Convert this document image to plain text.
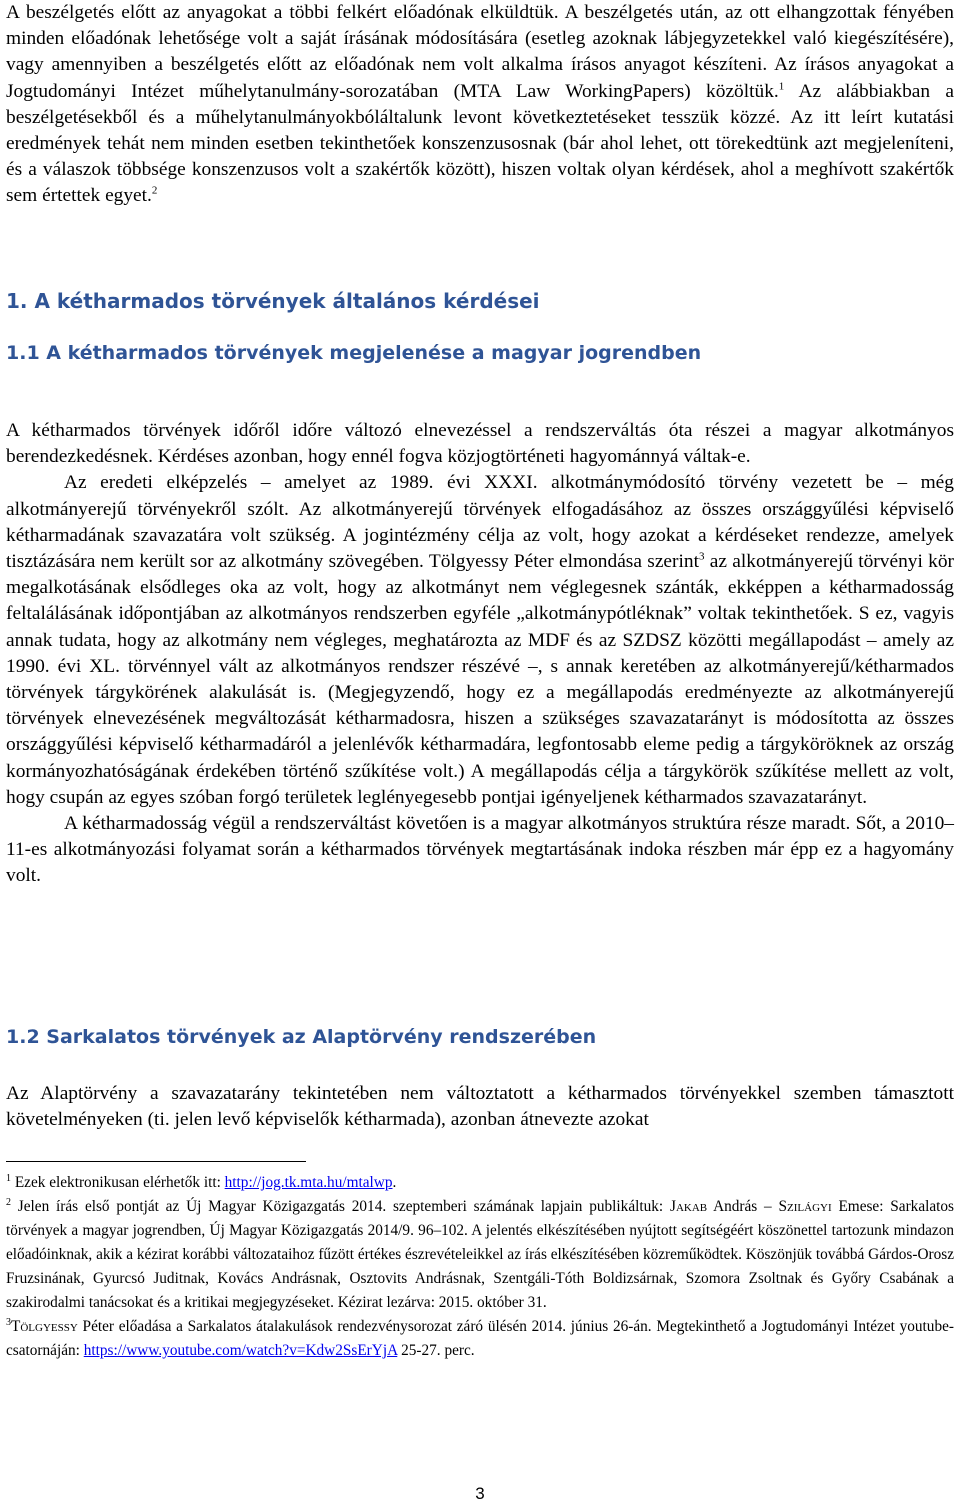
A beszélgetés előtt az anyagokat a többi felkért előadónak elküldtük. A beszélgetés után, az ott elhangzottak fényében minden előadónak lehetősége volt a saját írásának módosítására (esetleg azoknak lábjegyzetekkel való kiegészítésére), vagy amennyiben a beszélgetés előtt az előadónak nem volt alkalma írásos anyagot készíteni. Az írásos anyagokat a Jogtudományi Intézet műhelytanulmány-sorozatában (MTA Law WorkingPapers) közöltük.$^1$ Az alábbiakban a beszélgetésekből és a műhelytanulmányokbóláltalunk levont következtetéseket tesszük közzé. Az itt leírt kutatási eredmények tehát nem minden esetben tekinthetőek konszenzusosnak (bár ahol lehet, ott törekedtünk azt megjeleníteni, és a válaszok többsége konszenzusos volt a szakértők között), hiszen voltak olyan kérdések, ahol a meghívott szakértők sem értettek egyet.$^2$

1. A kétharmados törvények általános kérdései
1.1 A kétharmados törvények megjelenése a magyar jogrendben

A kétharmados törvények időről időre változó elnevezéssel a rendszerváltás óta részei a magyar alkotmányos berendezkedésnek. Kérdéses azonban, hogy ennél fogva közjogtörténeti hagyománnyá váltak-e.

Az eredeti elképzelés – amelyet az 1989. évi XXXI. alkotmánymódosító törvény vezetett be – még alkotmányerejű törvényekről szólt. Az alkotmányerejű törvények elfogadásához az összes országgyűlési képviselő kétharmadának szavazatára volt szükség. A jogintézmény célja az volt, hogy azokat a kérdéseket rendezze, amelyek tisztázására nem került sor az alkotmány szövegében. Tölgyessy Péter elmondása szerint$^3$ az alkotmányerejű törvényi kör megalkotásának elsődleges oka az volt, hogy az alkotmányt nem véglegesnek szánták, ekképpen a kétharmadosság feltalálásának időpontjában az alkotmányos rendszerben egyféle „alkotmánypótléknak” voltak tekinthetőek. S ez, vagyis annak tudata, hogy az alkotmány nem végleges, meghatározta az MDF és az SZDSZ közötti megállapodást – amely az 1990. évi XL. törvénnyel vált az alkotmányos rendszer részévé –, s annak keretében az alkotmányerejű/kétharmados törvények tárgykörének alakulását is. (Megjegyzendő, hogy ez a megállapodás eredményezte az alkotmányerejű törvények elnevezésének megváltozását kétharmadosra, hiszen a szükséges szavazatarányt is módosította az összes országgyűlési képviselő kétharmadáról a jelenlévők kétharmadára, legfontosabb eleme pedig a tárgyköröknek az ország kormányozhatóságának érdekében történő szűkítése volt.) A megállapodás célja a tárgykörök szűkítése mellett az volt, hogy csupán az egyes szóban forgó területek leglényegesebb pontjai igényeljenek kétharmados szavazatarányt.

A kétharmadosság végül a rendszerváltást követően is a magyar alkotmányos struktúra része maradt. Sőt, a 2010–11-es alkotmányozási folyamat során a kétharmados törvények megtartásának indoka részben már épp ez a hagyomány volt.

1.2 Sarkalatos törvények az Alaptörvény rendszerében

Az Alaptörvény a szavazatarány tekintetében nem változtatott a kétharmados törvényekkel szemben támasztott követelményeken (ti. jelen levő képviselők kétharmada), azonban átnevezte azokat

$^1$ Ezek elektronikusan elérhetők itt: http://jog.tk.mta.hu/mtalwp.

$^2$ Jelen írás első pontját az Új Magyar Közigazgatás 2014. szeptemberi számának lapjain publikáltuk: Jakab András – Szilágyi Emese: Sarkalatos törvények a magyar jogrendben, Új Magyar Közigazgatás 2014/9. 96–102. A jelentés elkészítésében nyújtott segítségéért köszönettel tartozunk mindazon előadóinknak, akik a kézirat korábbi változataihoz fűzött értékes észrevételeikkel az írás elkészítésében közreműködtek. Köszönjük továbbá Gárdos-Orosz Fruzsinának, Gyurcsó Juditnak, Kovács Andrásnak, Osztovits Andrásnak, Szentgáli-Tóth Boldizsárnak, Szomora Zsoltnak és Győry Csabának a szakirodalmi tanácsokat és a kritikai megjegyzéseket. Kézirat lezárva: 2015. október 31.

$^3$Tölgyessy Péter előadása a Sarkalatos átalakulások rendezvénysorozat záró ülésén 2014. június 26-án. Megtekinthető a Jogtudományi Intézet youtube-csatornáján: https://www.youtube.com/watch?v=Kdw2SsErYjA 25-27. perc.

3
